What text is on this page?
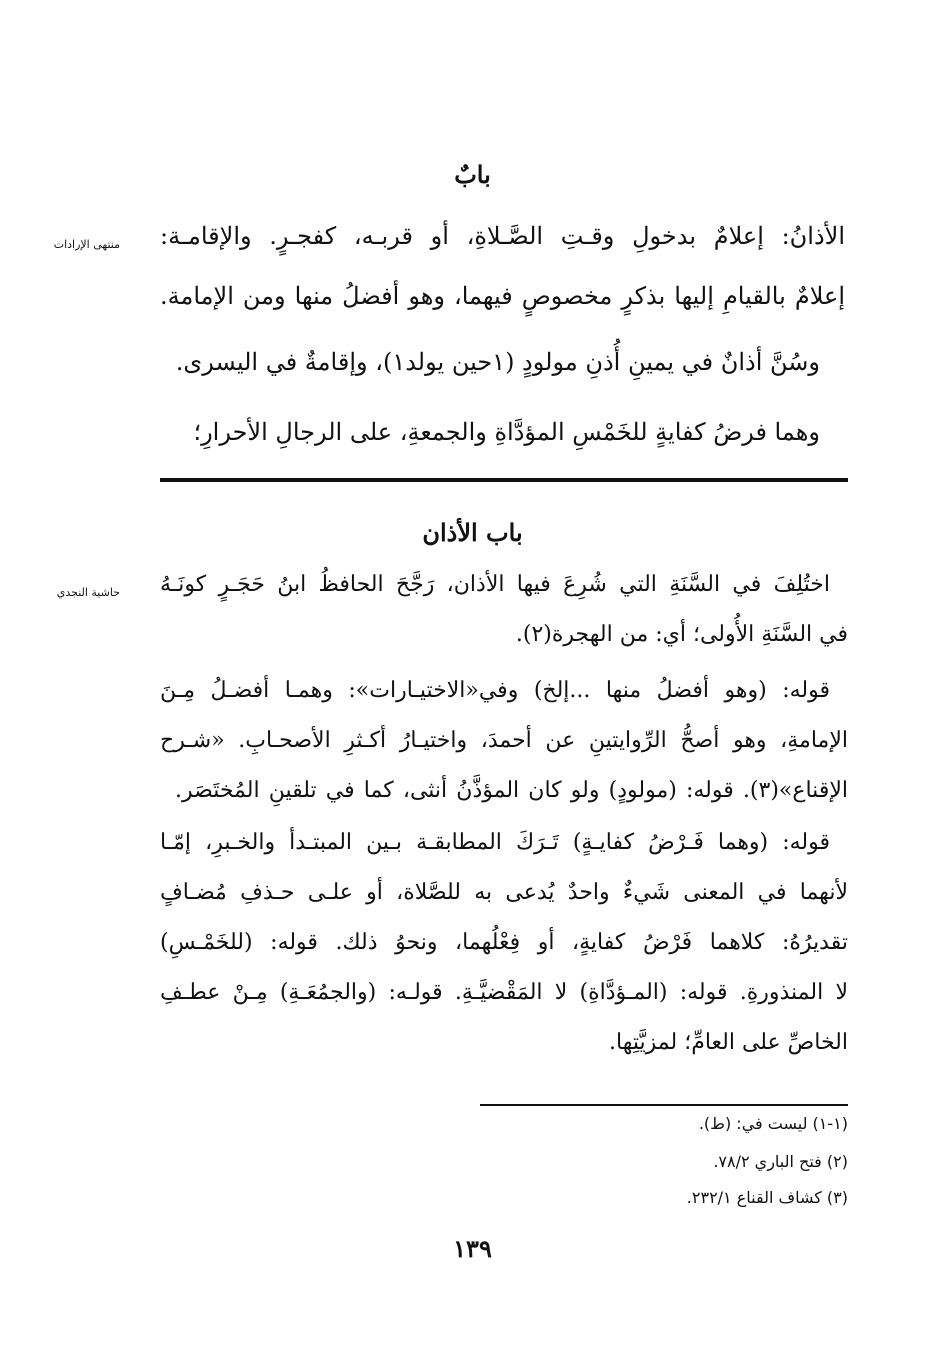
بابٌ
منتهى الإرادات الأذانُ: إعلامٌ بدخولِ وقـتِ الصَّـلاةِ، أو قربـه، كفجـرٍ. والإقامـة:
إعلامٌ بالقيامِ إليها بذكرٍ مخصوصٍ فيهما، وهو أفضلُ منها ومن الإمامة.
وسُنَّ أذانٌ في يمينِ أُذنِ مولودٍ (١حين يولد١)، وإقامةٌ في اليسرى.
وهما فرضُ كفايةٍ للخَمْسِ المؤدَّاةِ والجمعةِ، على الرجالِ الأحرارِ؛
باب الأذان
حاشية النجدي اختُلِفَ في السَّنَةِ التي شُرِعَ فيها الأذان، رَجَّحَ الحافظُ ابنُ حَجَـرٍ كونَـهُ
في السَّنَةِ الأُولى؛ أي: من الهجرة(٢).
قوله: (وهو أفضلُ منها ...إلخ) وفي«الاختيـارات»: وهمـا أفضـلُ مِـنَ
الإمامةِ، وهو أصحُّ الرِّوايتينِ عن أحمدَ، واختيـارُ أكـثرِ الأصحـابِ. «شـرح
الإقناع»(٣). قوله: (مولودٍ) ولو كان المؤذَّنُ أنثى، كما في تلقينِ المُختَصَر.
قوله: (وهما فَـرْضُ كفايـةٍ) تَـرَكَ المطابقـة بـين المبتـدأ والخـبرِ، إمّـا
لأنهما في المعنى شَيءٌ واحدٌ يُدعى به للصَّلاة، أو علـى حـذفِ مُضـافٍ
تقديرُهُ: كلاهما فَرْضُ كفايةٍ، أو فِعْلُهما، ونحوُ ذلك. قوله: (للخَمْـسِ)
لا المنذورةِ. قوله: (المـؤدَّاةِ) لا المَقْضيَّـةِ. قولـه: (والجمُعَـةِ) مِـنْ عطـفِ
الخاصِّ على العامِّ؛ لمزيَّتِها.
(١-١) ليست في: (ط).
(٢) فتح الباري ٧٨/٢.
(٣) كشاف القناع ٢٣٢/١.
١٣٩
